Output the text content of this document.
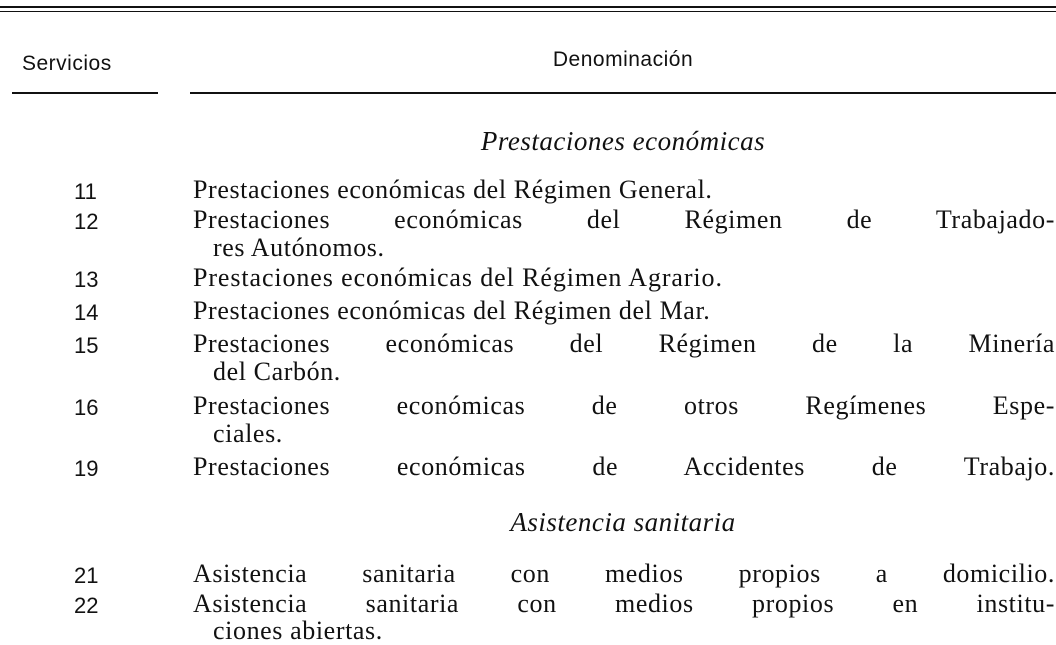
Servicios	Denominación
Prestaciones económicas
11	Prestaciones económicas del Régimen General.
12	Prestaciones económicas del Régimen de Trabajado-
res Autónomos.
13	Prestaciones económicas del Régimen Agrario.
14	Prestaciones económicas del Régimen del Mar.
15	Prestaciones económicas del Régimen de la Minería
del Carbón.
16	Prestaciones económicas de otros Regímenes Espe-
ciales.
19	Prestaciones económicas de Accidentes de Trabajo.
Asistencia sanitaria
21	Asistencia sanitaria con medios propios a domicilio.
22	Asistencia sanitaria con medios propios en institu-
ciones abiertas.
